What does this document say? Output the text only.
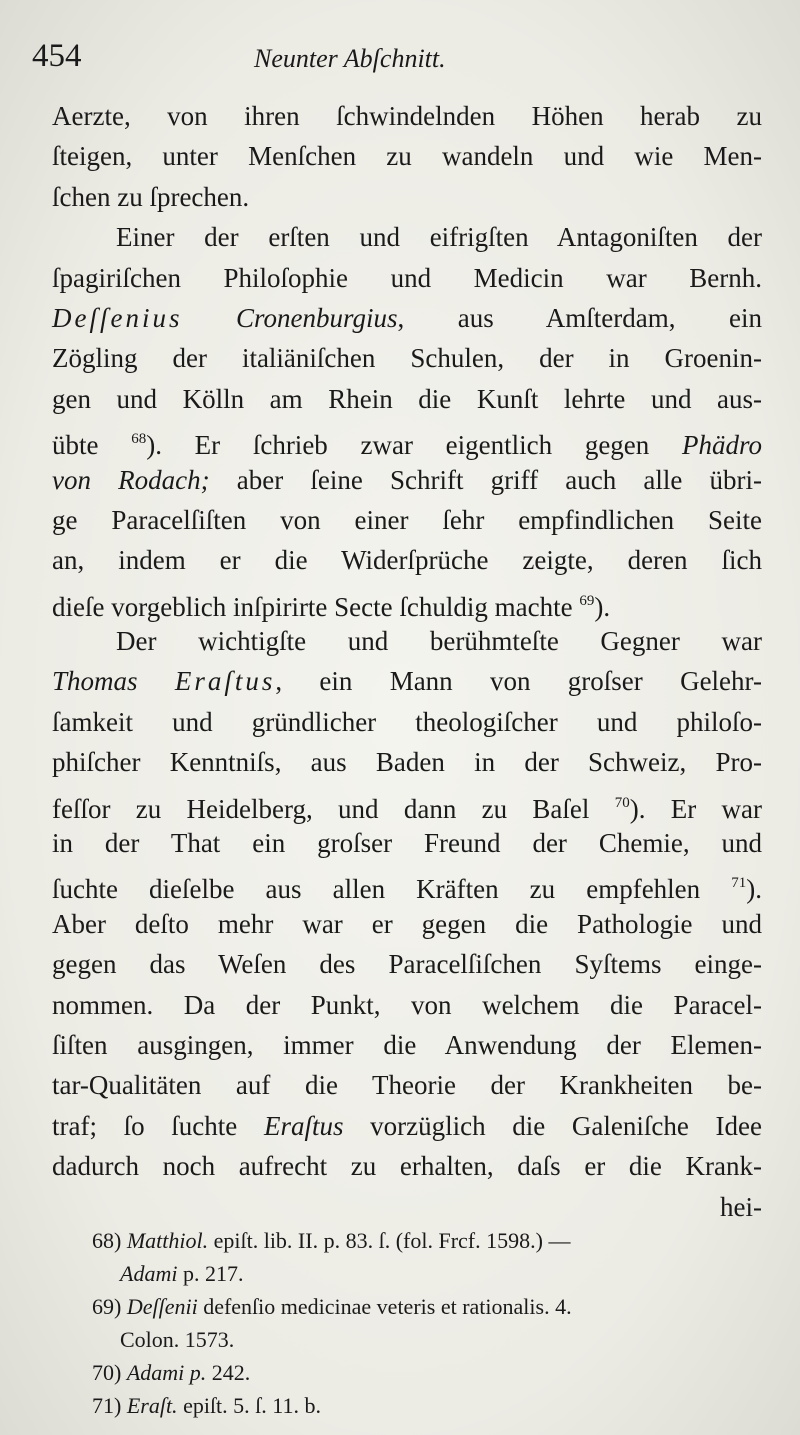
454	Neunter Abſchnitt.
Aerzte, von ihren ſchwindelnden Höhen herab zu
ſteigen, unter Menſchen zu wandeln und wie Men-
ſchen zu ſprechen.
Einer der erſten und eifrigſten Antagoniſten der
ſpagiriſchen Philoſophie und Medicin war Bernh.
Deſſenius Cronenburgius, aus Amſterdam, ein
Zögling der italiäniſchen Schulen, der in Groenin-
gen und Kölln am Rhein die Kunſt lehrte und aus-
übte $^{68}$). Er ſchrieb zwar eigentlich gegen Phädro
von Rodach; aber ſeine Schrift griff auch alle übri-
ge Paracelſiſten von einer ſehr empfindlichen Seite
an, indem er die Widerſprüche zeigte, deren ſich
dieſe vorgeblich inſpirirte Secte ſchuldig machte $^{69}$).
Der wichtigſte und berühmteſte Gegner war
Thomas Eraſtus, ein Mann von groſser Gelehr-
ſamkeit und gründlicher theologiſcher und philoſo-
phiſcher Kenntniſs, aus Baden in der Schweiz, Pro-
feſſor zu Heidelberg, und dann zu Baſel $^{70}$). Er war
in der That ein groſser Freund der Chemie, und
ſuchte dieſelbe aus allen Kräften zu empfehlen $^{71}$).
Aber deſto mehr war er gegen die Pathologie und
gegen das Weſen des Paracelſiſchen Syſtems einge-
nommen. Da der Punkt, von welchem die Paracel-
ſiſten ausgingen, immer die Anwendung der Elemen-
tar-Qualitäten auf die Theorie der Krankheiten be-
traf; ſo ſuchte Eraſtus vorzüglich die Galeniſche Idee
dadurch noch aufrecht zu erhalten, daſs er die Krank-
hei-
68) Matthiol. epiſt. lib. II. p. 83. ſ. (fol. Frcf. 1598.) —
Adami p. 217.
69) Deſſenii defenſio medicinae veteris et rationalis. 4.
Colon. 1573.
70) Adami p. 242.
71) Eraſt. epiſt. 5. ſ. 11. b.
